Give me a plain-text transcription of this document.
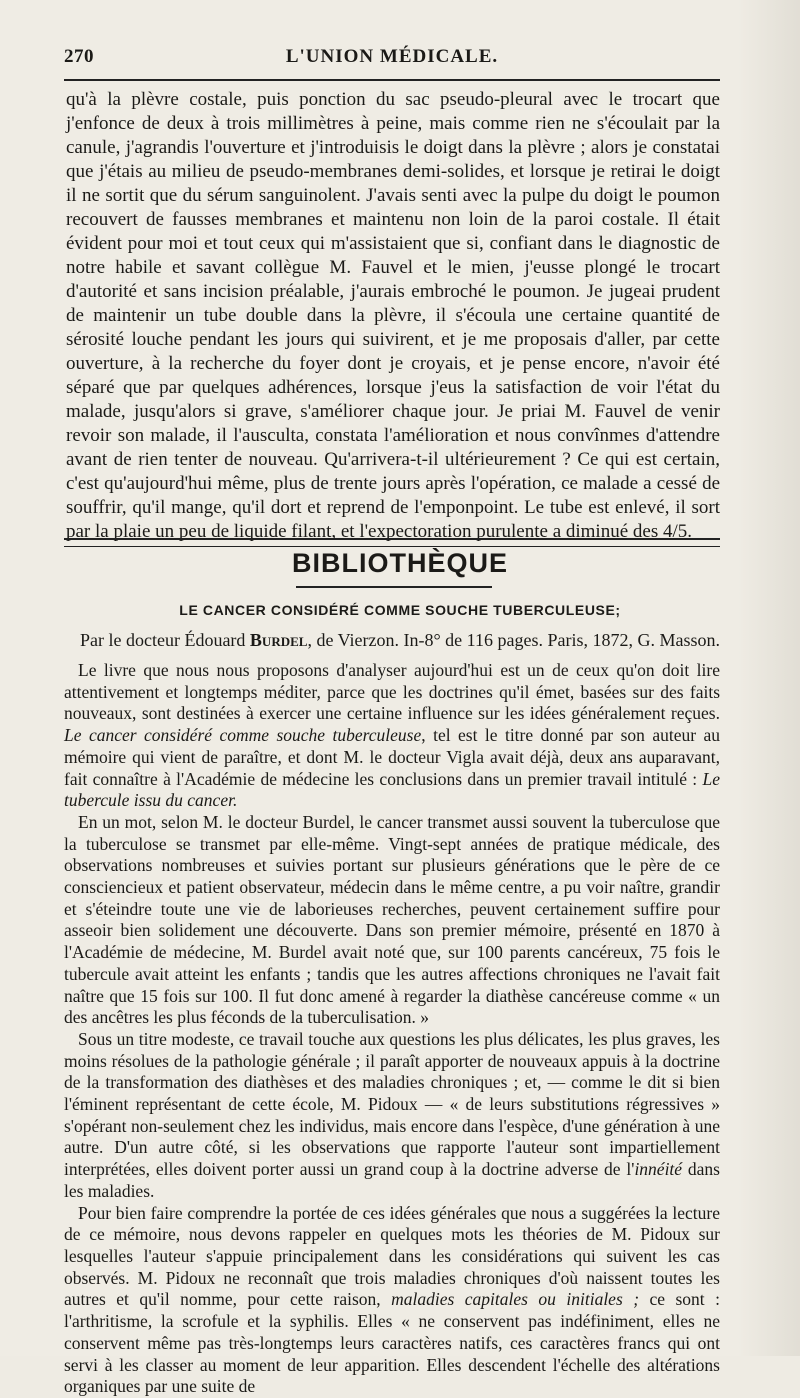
270	L'UNION MÉDICALE.

qu'à la plèvre costale, puis ponction du sac pseudo-pleural avec le trocart que j'enfonce de deux à trois millimètres à peine, mais comme rien ne s'écoulait par la canule, j'agrandis l'ouverture et j'introduisis le doigt dans la plèvre ; alors je constatai que j'étais au milieu de pseudo-membranes demi-solides, et lorsque je retirai le doigt il ne sortit que du sérum sanguinolent. J'avais senti avec la pulpe du doigt le poumon recouvert de fausses membranes et maintenu non loin de la paroi costale. Il était évident pour moi et tout ceux qui m'assistaient que si, confiant dans le diagnostic de notre habile et savant collègue M. Fauvel et le mien, j'eusse plongé le trocart d'autorité et sans incision préalable, j'aurais embroché le poumon. Je jugeai prudent de maintenir un tube double dans la plèvre, il s'écoula une certaine quantité de sérosité louche pendant les jours qui suivirent, et je me proposais d'aller, par cette ouverture, à la recherche du foyer dont je croyais, et je pense encore, n'avoir été séparé que par quelques adhérences, lorsque j'eus la satisfaction de voir l'état du malade, jusqu'alors si grave, s'améliorer chaque jour. Je priai M. Fauvel de venir revoir son malade, il l'ausculta, constata l'amélioration et nous convînmes d'attendre avant de rien tenter de nouveau. Qu'arrivera-t-il ultérieurement ? Ce qui est certain, c'est qu'aujourd'hui même, plus de trente jours après l'opération, ce malade a cessé de souffrir, qu'il mange, qu'il dort et reprend de l'emponpoint. Le tube est enlevé, il sort par la plaie un peu de liquide filant, et l'expectoration purulente a diminué des 4/5.

BIBLIOTHÈQUE
LE CANCER CONSIDÉRÉ COMME SOUCHE TUBERCULEUSE;
Par le docteur Édouard Burdel, de Vierzon. In-8° de 116 pages. Paris, 1872, G. Masson.

Le livre que nous nous proposons d'analyser aujourd'hui est un de ceux qu'on doit lire attentivement et longtemps méditer, parce que les doctrines qu'il émet, basées sur des faits nouveaux, sont destinées à exercer une certaine influence sur les idées généralement reçues. Le cancer considéré comme souche tuberculeuse, tel est le titre donné par son auteur au mémoire qui vient de paraître, et dont M. le docteur Vigla avait déjà, deux ans auparavant, fait connaître à l'Académie de médecine les conclusions dans un premier travail intitulé : Le tubercule issu du cancer.

En un mot, selon M. le docteur Burdel, le cancer transmet aussi souvent la tuberculose que la tuberculose se transmet par elle-même. Vingt-sept années de pratique médicale, des observations nombreuses et suivies portant sur plusieurs générations que le père de ce consciencieux et patient observateur, médecin dans le même centre, a pu voir naître, grandir et s'éteindre toute une vie de laborieuses recherches, peuvent certainement suffire pour asseoir bien solidement une découverte. Dans son premier mémoire, présenté en 1870 à l'Académie de médecine, M. Burdel avait noté que, sur 100 parents cancéreux, 75 fois le tubercule avait atteint les enfants ; tandis que les autres affections chroniques ne l'avait fait naître que 15 fois sur 100. Il fut donc amené à regarder la diathèse cancéreuse comme « un des ancêtres les plus féconds de la tuberculisation. »

Sous un titre modeste, ce travail touche aux questions les plus délicates, les plus graves, les moins résolues de la pathologie générale ; il paraît apporter de nouveaux appuis à la doctrine de la transformation des diathèses et des maladies chroniques ; et, — comme le dit si bien l'éminent représentant de cette école, M. Pidoux — « de leurs substitutions régressives » s'opérant non-seulement chez les individus, mais encore dans l'espèce, d'une génération à une autre. D'un autre côté, si les observations que rapporte l'auteur sont impartiellement interprétées, elles doivent porter aussi un grand coup à la doctrine adverse de l'innéité dans les maladies.

Pour bien faire comprendre la portée de ces idées générales que nous a suggérées la lecture de ce mémoire, nous devons rappeler en quelques mots les théories de M. Pidoux sur lesquelles l'auteur s'appuie principalement dans les considérations qui suivent les cas observés. M. Pidoux ne reconnaît que trois maladies chroniques d'où naissent toutes les autres et qu'il nomme, pour cette raison, maladies capitales ou initiales ; ce sont : l'arthritisme, la scrofule et la syphilis. Elles « ne conservent pas indéfiniment, elles ne conservent même pas très-longtemps leurs caractères natifs, ces caractères francs qui ont servi à les classer au moment de leur apparition. Elles descendent l'échelle des altérations organiques par une suite de
